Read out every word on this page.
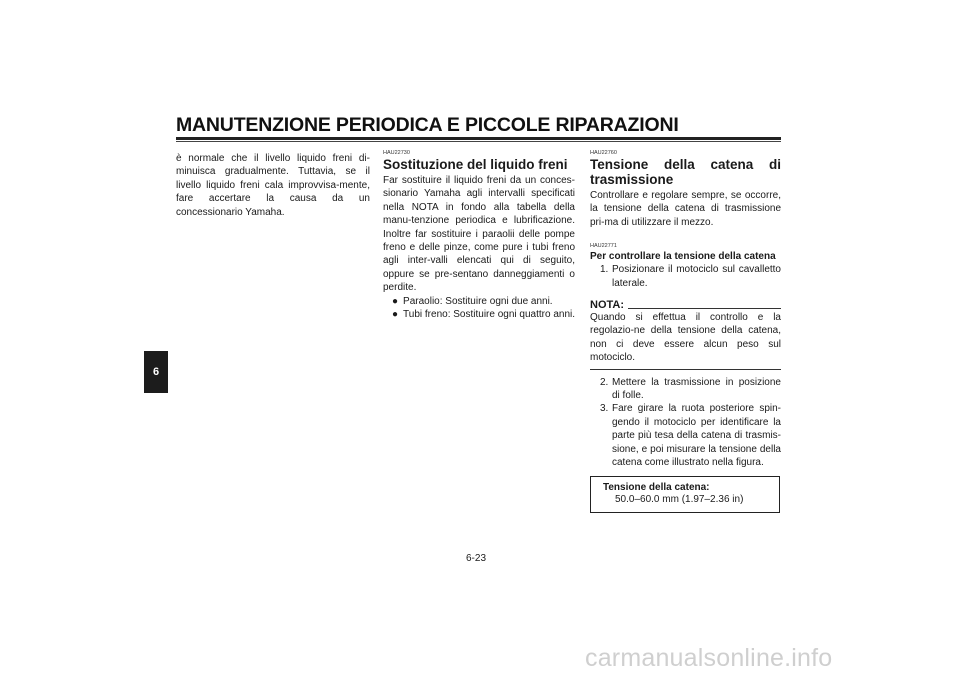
MANUTENZIONE PERIODICA E PICCOLE RIPARAZIONI
6

è normale che il livello liquido freni di-minuisca gradualmente. Tuttavia, se il livello liquido freni cala improvvisa-mente, fare accertare la causa da un concessionario Yamaha.

HAU22730
Sostituzione del liquido freni

Far sostituire il liquido freni da un conces-sionario Yamaha agli intervalli specificati nella NOTA in fondo alla tabella della manu-tenzione periodica e lubrificazione. Inoltre far sostituire i paraolii delle pompe freno e delle pinze, come pure i tubi freno agli inter-valli elencati qui di seguito, oppure se pre-sentano danneggiamenti o perdite.

● Paraolio: Sostituire ogni due anni.
● Tubi freno: Sostituire ogni quattro anni.
HAU22760
Tensione della catena di trasmissione

Controllare e regolare sempre, se occorre, la tensione della catena di trasmissione pri-ma di utilizzare il mezzo.

HAU22771
Per controllare la tensione della catena
1. Posizionare il motociclo sul cavalletto laterale.
NOTA:

Quando si effettua il controllo e la regolazio-ne della tensione della catena, non ci deve essere alcun peso sul motociclo.

2. Mettere la trasmissione in posizione di folle.
3. Fare girare la ruota posteriore spin-gendo il motociclo per identificare la parte più tesa della catena di trasmis-sione, e poi misurare la tensione della catena come illustrato nella figura.
Tensione della catena:
50.0–60.0 mm (1.97–2.36 in)
6-23
carmanualsonline.info
